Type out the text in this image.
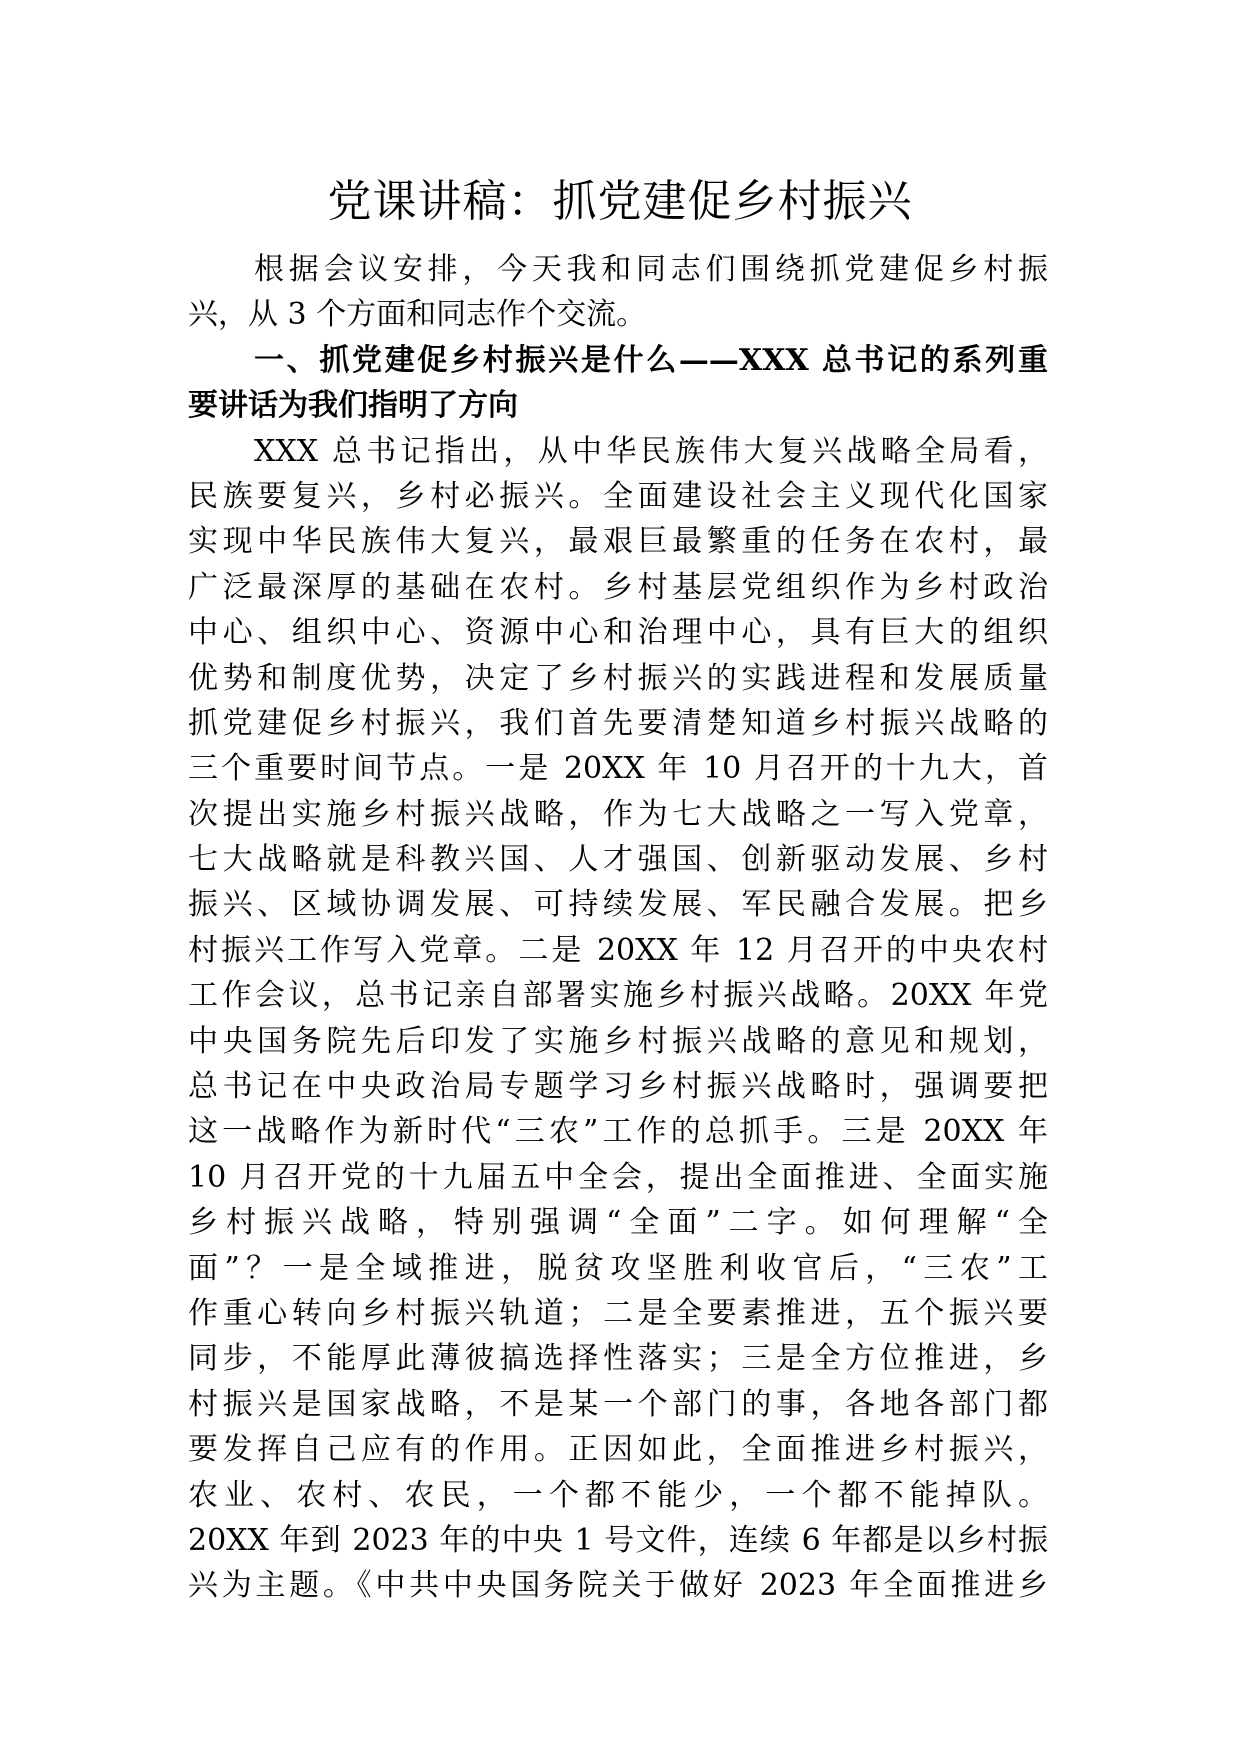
党课讲稿：抓党建促乡村振兴
根据会议安排，今天我和同志们围绕抓党建促乡村振
兴，从 3 个方面和同志作个交流。
一、抓党建促乡村振兴是什么——XXX 总书记的系列重
要讲话为我们指明了方向
XXX 总书记指出，从中华民族伟大复兴战略全局看，
民族要复兴，乡村必振兴。全面建设社会主义现代化国家
实现中华民族伟大复兴，最艰巨最繁重的任务在农村，最
广泛最深厚的基础在农村。乡村基层党组织作为乡村政治
中心、组织中心、资源中心和治理中心，具有巨大的组织
优势和制度优势，决定了乡村振兴的实践进程和发展质量
抓党建促乡村振兴，我们首先要清楚知道乡村振兴战略的
三个重要时间节点。一是 20XX 年 10 月召开的十九大，首
次提出实施乡村振兴战略，作为七大战略之一写入党章，
七大战略就是科教兴国、人才强国、创新驱动发展、乡村
振兴、区域协调发展、可持续发展、军民融合发展。把乡
村振兴工作写入党章。二是 20XX 年 12 月召开的中央农村
工作会议，总书记亲自部署实施乡村振兴战略。20XX 年党
中央国务院先后印发了实施乡村振兴战略的意见和规划，
总书记在中央政治局专题学习乡村振兴战略时，强调要把
这一战略作为新时代“三农”工作的总抓手。三是 20XX 年
10 月召开党的十九届五中全会，提出全面推进、全面实施
乡村振兴战略，特别强调“全面”二字。如何理解“全
面”？一是全域推进，脱贫攻坚胜利收官后，“三农”工
作重心转向乡村振兴轨道；二是全要素推进，五个振兴要
同步，不能厚此薄彼搞选择性落实；三是全方位推进，乡
村振兴是国家战略，不是某一个部门的事，各地各部门都
要发挥自己应有的作用。正因如此，全面推进乡村振兴，
农业、农村、农民，一个都不能少，一个都不能掉队。
20XX 年到 2023 年的中央 1 号文件，连续 6 年都是以乡村振
兴为主题。《中共中央国务院关于做好 2023 年全面推进乡
